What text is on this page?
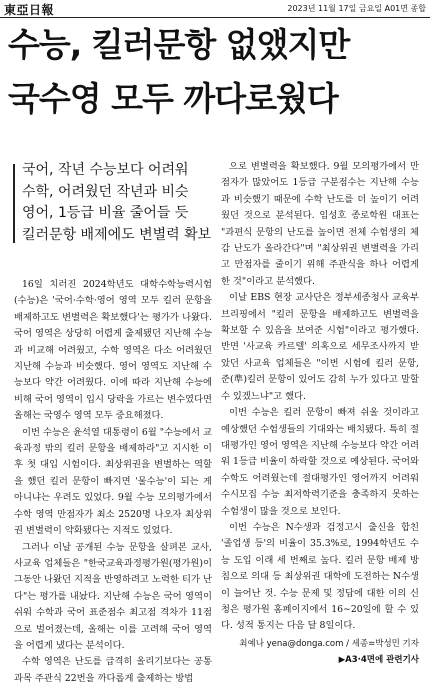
東亞日報	2023년 11월 17일 금요일 A01면 종합
수능, 킬러문항 없앴지만
국수영 모두 까다로웠다
국어, 작년 수능보다 어려워
수학, 어려웠던 작년과 비슷
영어, 1등급 비율 줄어들 듯
킬러문항 배제에도 변별력 확보

16일 치러진 2024학년도 대학수학능력시험(수능)은 '국어·수학·영어 영역 모두 킬러 문항을 배제하고도 변별력은 확보했다'는 평가가 나왔다. 국어 영역은 상당히 어렵게 출제됐던 지난해 수능과 비교해 어려웠고, 수학 영역은 다소 어려웠던 지난해 수능과 비슷했다. 영어 영역도 지난해 수능보다 약간 어려웠다. 이에 따라 지난해 수능에 비해 국어 영역이 입시 당락을 가르는 변수였다면 올해는 국영수 영역 모두 중요해졌다.

이번 수능은 윤석열 대통령이 6월 "수능에서 교육과정 밖의 킬러 문항을 배제하라"고 지시한 이후 첫 대입 시험이다. 최상위권을 변별하는 역할을 했던 킬러 문항이 빠지면 '물수능'이 되는 게 아니냐는 우려도 있었다. 9월 수능 모의평가에서 수학 영역 만점자가 최소 2520명 나오자 최상위권 변별력이 약화됐다는 지적도 있었다.

그러나 이날 공개된 수능 문항을 살펴본 교사, 사교육 업체들은 "한국교육과정평가원(평가원)이 그동안 나왔던 지적을 반영하려고 노력한 티가 난다"는 평가를 내놨다. 지난해 수능은 국어 영역이 쉬워 수학과 국어 표준점수 최고점 격차가 11점으로 벌어졌는데, 올해는 이를 고려해 국어 영역을 어렵게 냈다는 분석이다.

수학 영역은 난도를 급격히 올리기보다는 공통과목 주관식 22번을 까다롭게 출제하는 방법

으로 변별력을 확보했다. 9월 모의평가에서 만점자가 많았어도 1등급 구분점수는 지난해 수능과 비슷했기 때문에 수학 난도를 더 높이기 어려웠던 것으로 분석된다. 임성호 종로학원 대표는 "과편식 문항의 난도를 높이면 전체 수험생의 체감 난도가 올라간다"며 "최상위권 변별력을 가리고 만점자를 줄이기 위해 주관식을 하나 어렵게 한 것"이라고 분석했다.

이날 EBS 현장 교사단은 정부세종청사 교육부 브리핑에서 "킬러 문항을 배제하고도 변별력을 확보할 수 있음을 보여준 시험"이라고 평가했다. 반면 '사교육 카르텔' 의혹으로 세무조사까지 받았던 사교육 업체들은 "이번 시험에 킬러 문항, 준(準)킬러 문항이 있어도 감히 누가 있다고 말할 수 있겠느냐"고 했다.

이번 수능은 킬러 문항이 빠져 쉬울 것이라고 예상했던 수험생들의 기대와는 배치됐다. 특히 절대평가인 영어 영역은 지난해 수능보다 약간 어려워 1등급 비율이 하락할 것으로 예상된다. 국어와 수학도 어려웠는데 절대평가인 영어까지 어려워 수시모집 수능 최저학력기준을 충족하지 못하는 수험생이 많을 것으로 보인다.

이번 수능은 N수생과 검정고시 출신을 합친 '졸업생 등'의 비율이 35.3%로, 1994학년도 수능 도입 이래 세 번째로 높다. 킬러 문항 배제 방침으로 의대 등 최상위권 대학에 도전하는 N수생이 늘어난 것. 수능 문제 및 정답에 대한 이의 신청은 평가원 홈페이지에서 16∼20일에 할 수 있다. 성적 통지는 다음 달 8일이다.

최예나 yena@donga.com / 세종=박성민 기자
▶A3·4면에 관련기사
